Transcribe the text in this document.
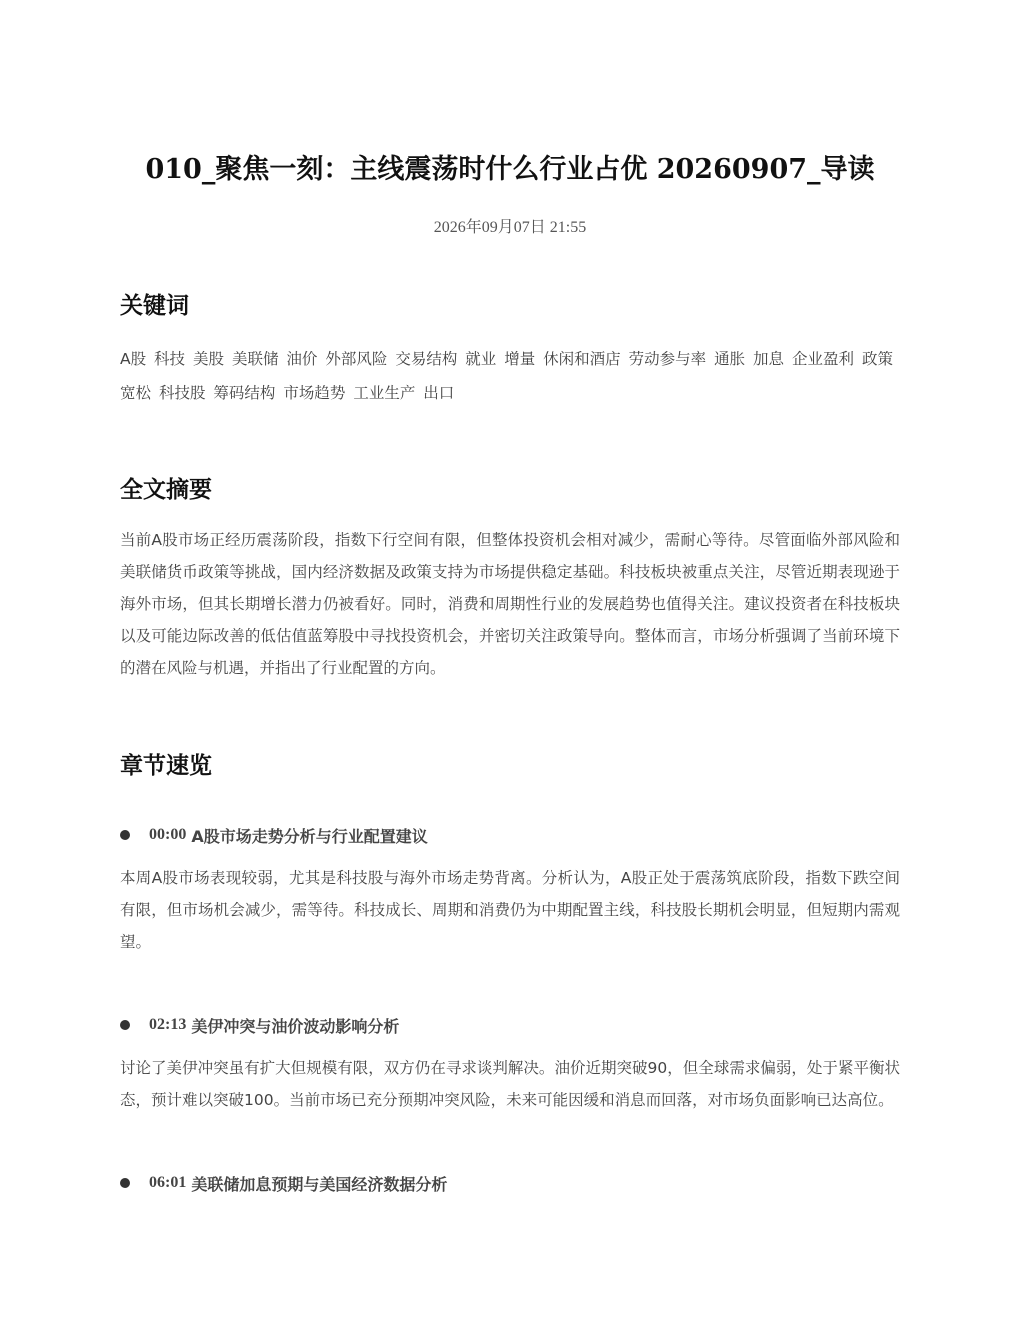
010_聚焦一刻：主线震荡时什么行业占优 20260907_导读
2026年09月07日 21:55
关键词
A股 科技 美股 美联储 油价 外部风险 交易结构 就业 增量 休闲和酒店 劳动参与率 通胀 加息 企业盈利 政策宽松 科技股 筹码结构 市场趋势 工业生产 出口
全文摘要

当前A股市场正经历震荡阶段，指数下行空间有限，但整体投资机会相对减少，需耐心等待。尽管面临外部风险和美联储货币政策等挑战，国内经济数据及政策支持为市场提供稳定基础。科技板块被重点关注，尽管近期表现逊于海外市场，但其长期增长潜力仍被看好。同时，消费和周期性行业的发展趋势也值得关注。建议投资者在科技板块以及可能边际改善的低估值蓝筹股中寻找投资机会，并密切关注政策导向。整体而言，市场分析强调了当前环境下的潜在风险与机遇，并指出了行业配置的方向。

章节速览
00:00 A股市场走势分析与行业配置建议

本周A股市场表现较弱，尤其是科技股与海外市场走势背离。分析认为，A股正处于震荡筑底阶段，指数下跌空间有限，但市场机会减少，需等待。科技成长、周期和消费仍为中期配置主线，科技股长期机会明显，但短期内需观望。

02:13 美伊冲突与油价波动影响分析

讨论了美伊冲突虽有扩大但规模有限，双方仍在寻求谈判解决。油价近期突破90，但全球需求偏弱，处于紧平衡状态，预计难以突破100。当前市场已充分预期冲突风险，未来可能因缓和消息而回落，对市场负面影响已达高位。

06:01 美联储加息预期与美国经济数据分析
